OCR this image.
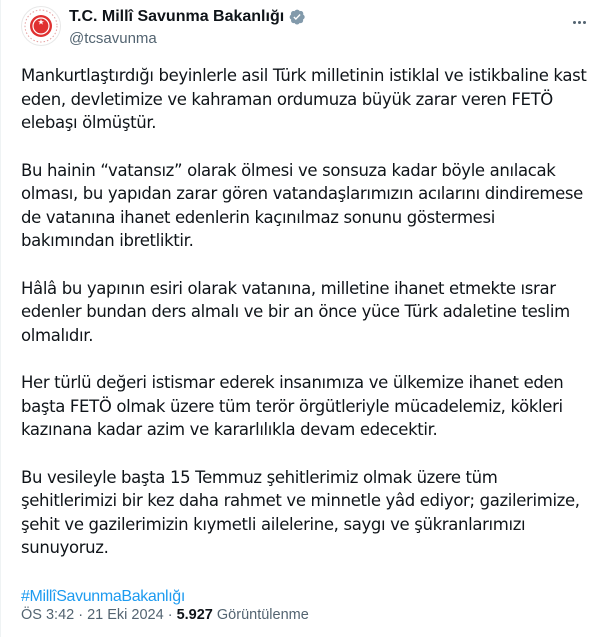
T.C. Millî Savunma Bakanlığı
@tcsavunma

Mankurtlaştırdığı beyinlerle asil Türk milletinin istiklal ve istikbaline kast eden, devletimize ve kahraman ordumuza büyük zarar veren FETÖ elebaşı ölmüştür.

Bu hainin “vatansız” olarak ölmesi ve sonsuza kadar böyle anılacak olması, bu yapıdan zarar gören vatandaşlarımızın acılarını dindiremese de vatanına ihanet edenlerin kaçınılmaz sonunu göstermesi bakımından ibretliktir.

Hâlâ bu yapının esiri olarak vatanına, milletine ihanet etmekte ısrar edenler bundan ders almalı ve bir an önce yüce Türk adaletine teslim olmalıdır.

Her türlü değeri istismar ederek insanımıza ve ülkemize ihanet eden başta FETÖ olmak üzere tüm terör örgütleriyle mücadelemiz, kökleri kazınana kadar azim ve kararlılıkla devam edecektir.

Bu vesileyle başta 15 Temmuz şehitlerimiz olmak üzere tüm şehitlerimizi bir kez daha rahmet ve minnetle yâd ediyor; gazilerimize, şehit ve gazilerimizin kıymetli ailelerine, saygı ve şükranlarımızı sunuyoruz.

#MillîSavunmaBakanlığı

ÖS 3:42 · 21 Eki 2024 · 5.927 Görüntülenme
